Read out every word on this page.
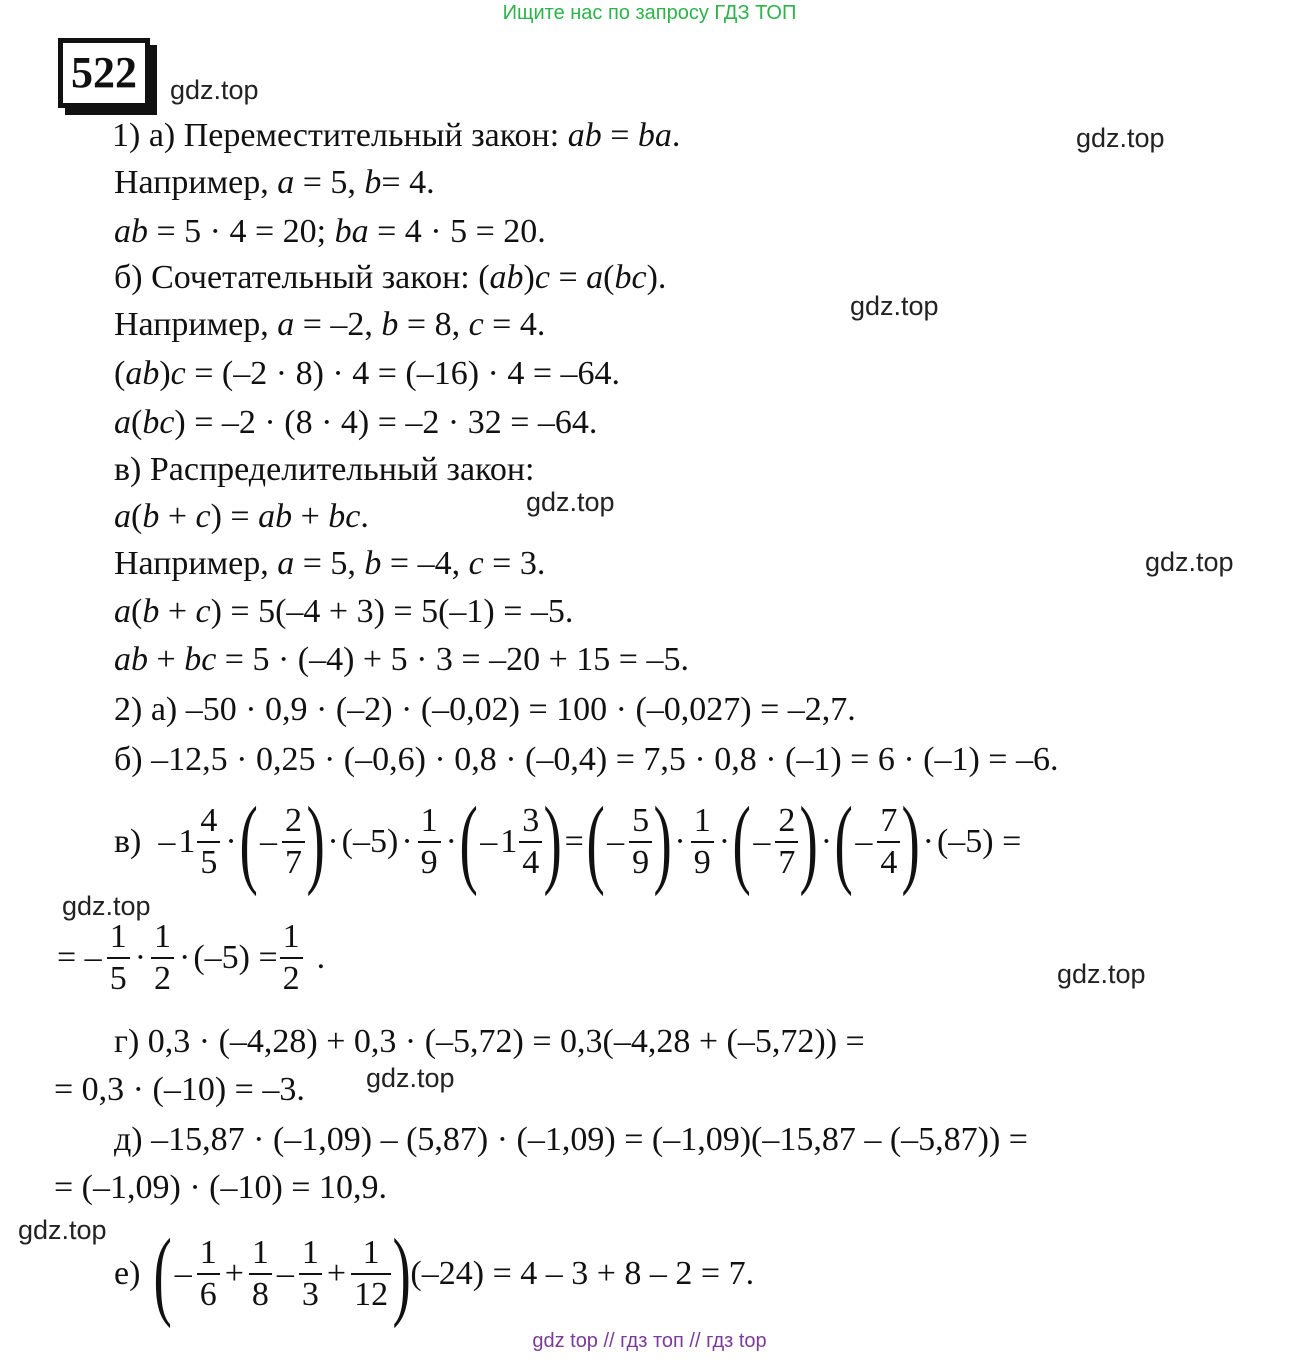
Ищите нас по запросу ГДЗ ТОП
522	gdz.top
gdz.top
gdz.top
gdz.top
gdz.top
gdz.top
gdz.top
gdz.top
gdz.top
1) а) Переместительный закон: ab = ba.
Например, a = 5, b= 4.
ab = 5 · 4 = 20; ba = 4 · 5 = 20.
б) Сочетательный закон: (ab)c = a(bc).
Например, a = –2, b = 8, c = 4.
(ab)c = (–2 · 8) · 4 = (–16) · 4 = –64.
a(bc) = –2 · (8 · 4) = –2 · 32 = –64.
в) Распределительный закон:
a(b + c) = ab + bc.
Например, a = 5, b = –4, c = 3.
a(b + c) = 5(–4 + 3) = 5(–1) = –5.
ab + bc = 5 · (–4) + 5 · 3 = –20 + 15 = –5.
2) а) –50 · 0,9 · (–2) · (–0,02) = 100 · (–0,027) = –2,7.
б) –12,5 · 0,25 · (–0,6) · 0,8 · (–0,4) = 7,5 · 0,8 · (–1) = 6 · (–1) = –6.
$в) - 1 \frac{4}{5}$ · ( – $\frac{2}{7}$ ) · $(-5) \cdot \frac{1}{9}$ · ( – $1 \frac{3}{4}$ ) = ( – $\frac{5}{9}$ ) · $\frac{1}{9}$ · ( – $\frac{2}{7}$ ) · ( – $\frac{7}{4}$ ) · (–5) =
= – $\frac{1}{5} \cdot \frac{1}{2} \cdot (-5) = \frac{1}{2}$ .
г) 0,3 · (–4,28) + 0,3 · (–5,72) = 0,3(–4,28 + (–5,72)) =
= 0,3 · (–10) = –3.
д) –15,87 · (–1,09) – (5,87) · (–1,09) = (–1,09)(–15,87 – (–5,87)) =
= (–1,09) · (–10) = 10,9.
е) ( – $\frac{1}{6} + \frac{1}{8} - \frac{1}{3} + \frac{1}{12}$ ) (–24) = 4 – 3 + 8 – 2 = 7.
gdz top // гдз топ // гдз top
